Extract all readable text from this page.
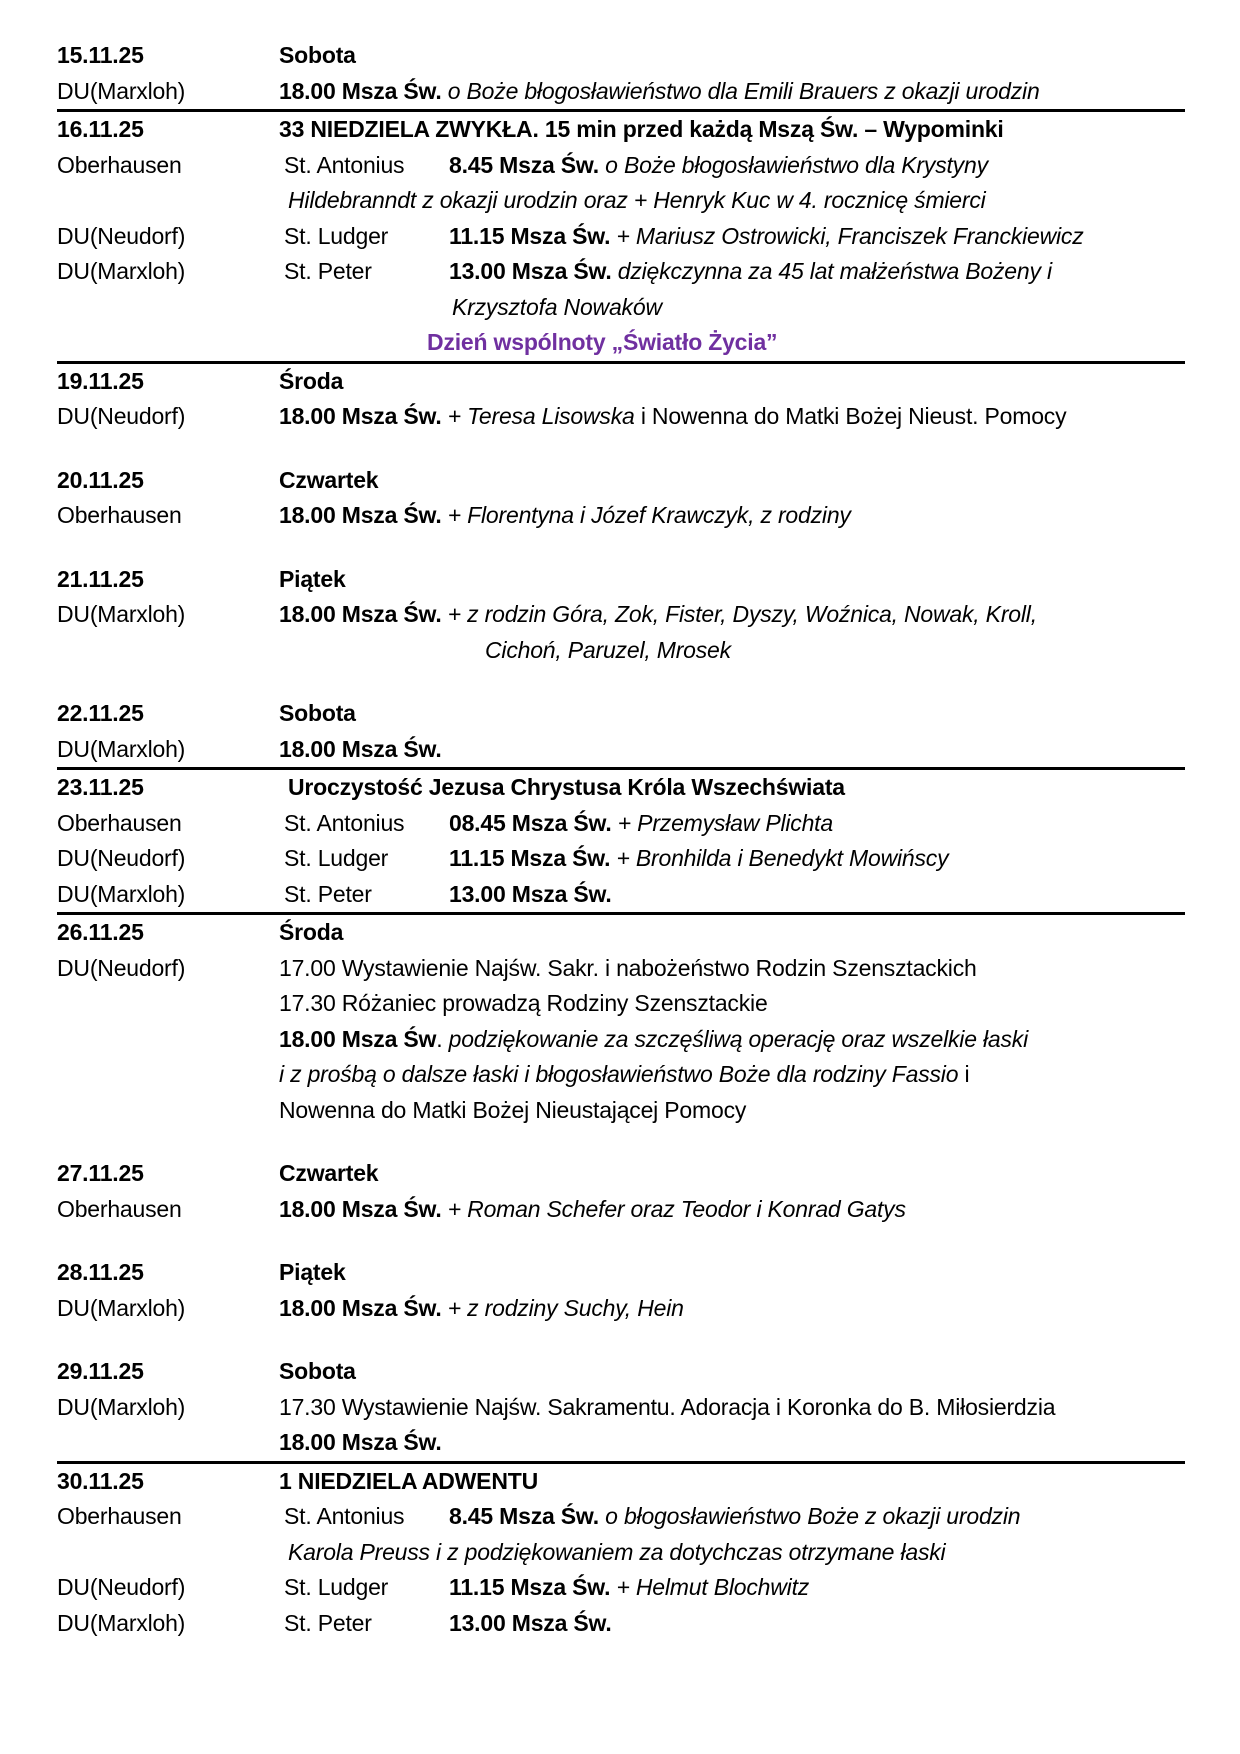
15.11.25	Sobota
DU(Marxloh)	18.00 Msza Św. o Boże błogosławieństwo dla Emili Brauers z okazji urodzin
16.11.25	33 NIEDZIELA ZWYKŁA. 15 min przed każdą Mszą Św. – Wypominki
Oberhausen	St. Antonius 8.45 Msza Św. o Boże błogosławieństwo dla Krystyny
Hildebranndt z okazji urodzin oraz + Henryk Kuc w 4. rocznicę śmierci
DU(Neudorf)	St. Ludger	11.15 Msza Św. + Mariusz Ostrowicki, Franciszek Franckiewicz
DU(Marxloh)	St. Peter	13.00 Msza Św. dziękczynna za 45 lat małżeństwa Bożeny i
Krzysztofa Nowaków
Dzień wspólnoty „Światło Życia”
19.11.25	Środa
DU(Neudorf)	18.00 Msza Św. + Teresa Lisowska i Nowenna do Matki Bożej Nieust. Pomocy
20.11.25	Czwartek
Oberhausen	18.00 Msza Św. + Florentyna i Józef Krawczyk, z rodziny
21.11.25	Piątek
DU(Marxloh)	18.00 Msza Św. + z rodzin Góra, Zok, Fister, Dyszy, Woźnica, Nowak, Kroll,
Cichoń, Paruzel, Mrosek
22.11.25	Sobota
DU(Marxloh)	18.00 Msza Św.
23.11.25	Uroczystość Jezusa Chrystusa Króla Wszechświata
Oberhausen	St. Antonius 08.45 Msza Św. + Przemysław Plichta
DU(Neudorf)	St. Ludger	11.15 Msza Św. + Bronhilda i Benedykt Mowińscy
DU(Marxloh)	St. Peter	13.00 Msza Św.
26.11.25	Środa
DU(Neudorf)	17.00 Wystawienie Najśw. Sakr. i nabożeństwo Rodzin Szensztackich
17.30 Różaniec prowadzą Rodziny Szensztackie
18.00 Msza Św. podziękowanie za szczęśliwą operację oraz wszelkie łaski
i z prośbą o dalsze łaski i błogosławieństwo Boże dla rodziny Fassio i
Nowenna do Matki Bożej Nieustającej Pomocy
27.11.25	Czwartek
Oberhausen	18.00 Msza Św. + Roman Schefer oraz Teodor i Konrad Gatys
28.11.25	Piątek
DU(Marxloh)	18.00 Msza Św. + z rodziny Suchy, Hein
29.11.25	Sobota
DU(Marxloh)	17.30 Wystawienie Najśw. Sakramentu. Adoracja i Koronka do B. Miłosierdzia
18.00 Msza Św.
30.11.25	1 NIEDZIELA ADWENTU
Oberhausen	St. Antonius 8.45 Msza Św. o błogosławieństwo Boże z okazji urodzin
Karola Preuss i z podziękowaniem za dotychczas otrzymane łaski
DU(Neudorf)	St. Ludger	11.15 Msza Św. + Helmut Blochwitz
DU(Marxloh)	St. Peter	13.00 Msza Św.
